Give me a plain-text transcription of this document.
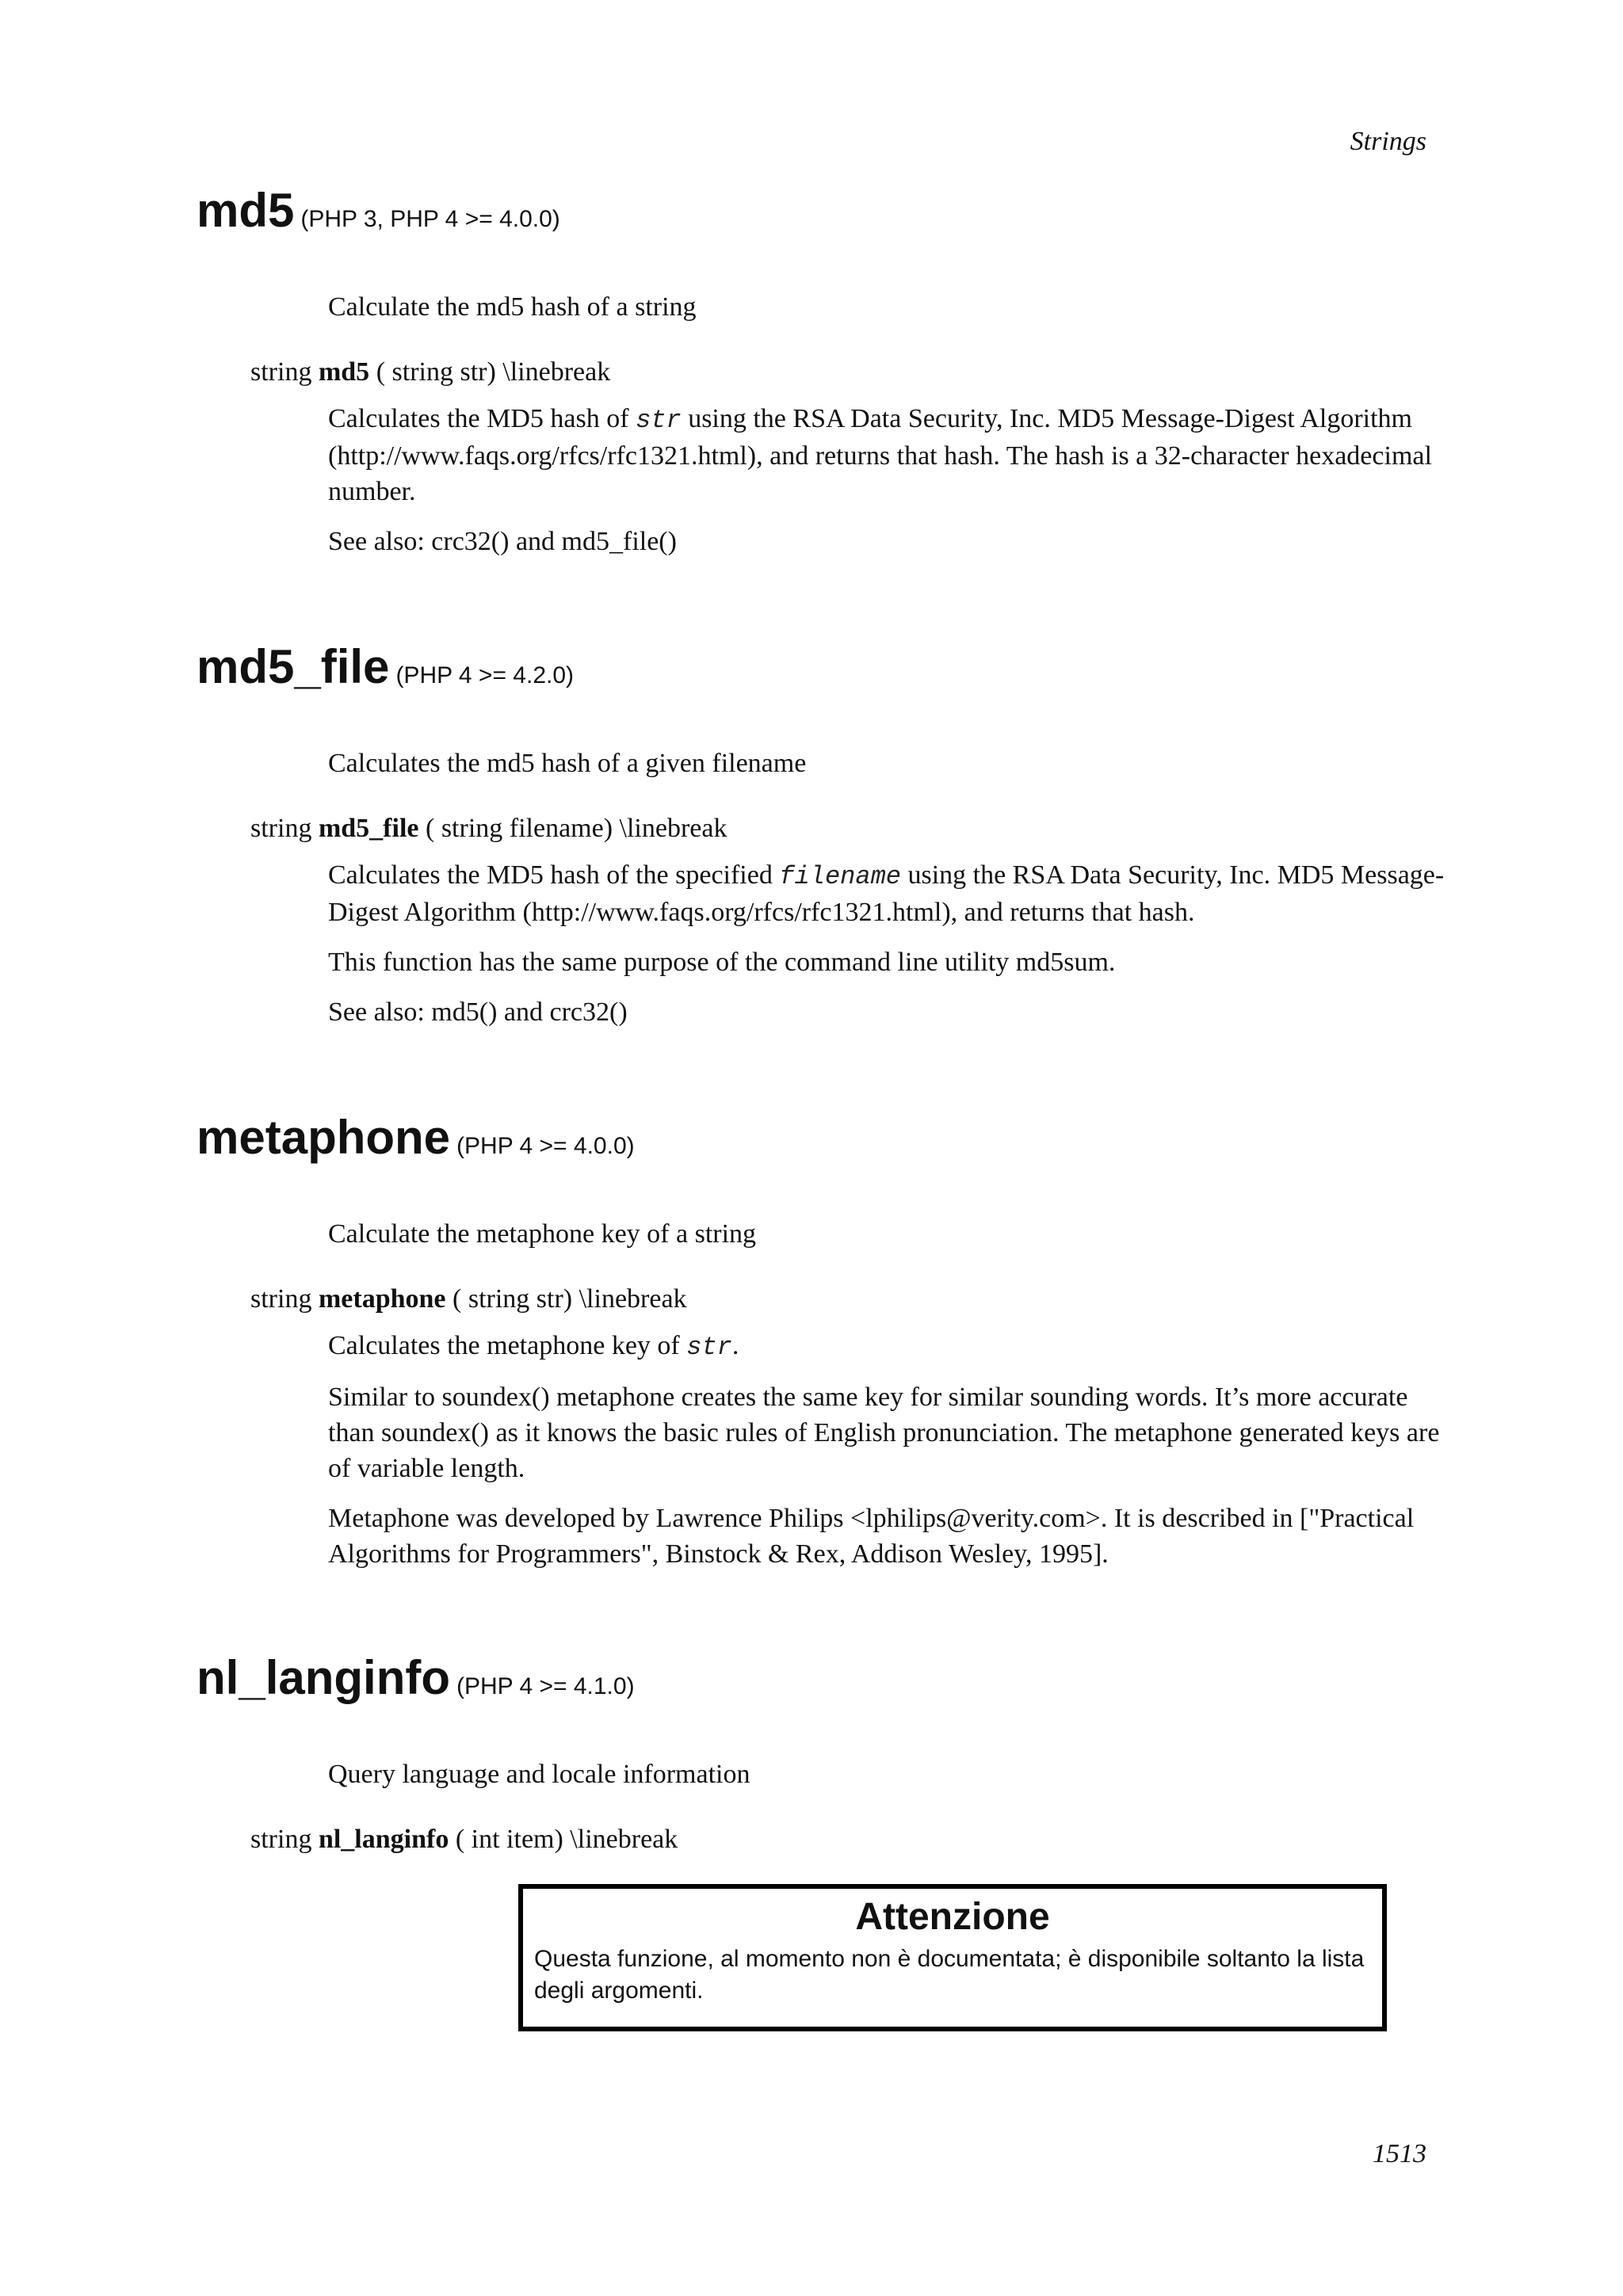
Strings
md5 (PHP 3, PHP 4 >= 4.0.0)

Calculate the md5 hash of a string

string md5 ( string str) \linebreak

Calculates the MD5 hash of str using the RSA Data Security, Inc. MD5 Message-Digest Algorithm (http://www.faqs.org/rfcs/rfc1321.html), and returns that hash. The hash is a 32-character hexadecimal number.

See also: crc32() and md5_file()

md5_file (PHP 4 >= 4.2.0)

Calculates the md5 hash of a given filename

string md5_file ( string filename) \linebreak

Calculates the MD5 hash of the specified filename using the RSA Data Security, Inc. MD5 Message-Digest Algorithm (http://www.faqs.org/rfcs/rfc1321.html), and returns that hash.

This function has the same purpose of the command line utility md5sum.

See also: md5() and crc32()

metaphone (PHP 4 >= 4.0.0)

Calculate the metaphone key of a string

string metaphone ( string str) \linebreak

Calculates the metaphone key of str.

Similar to soundex() metaphone creates the same key for similar sounding words. It’s more accurate than soundex() as it knows the basic rules of English pronunciation. The metaphone generated keys are of variable length.

Metaphone was developed by Lawrence Philips <lphilips@verity.com>. It is described in ["Practical Algorithms for Programmers", Binstock & Rex, Addison Wesley, 1995].

nl_langinfo (PHP 4 >= 4.1.0)

Query language and locale information

string nl_langinfo ( int item) \linebreak

Attenzione

Questa funzione, al momento non è documentata; è disponibile soltanto la lista degli argomenti.

1513
